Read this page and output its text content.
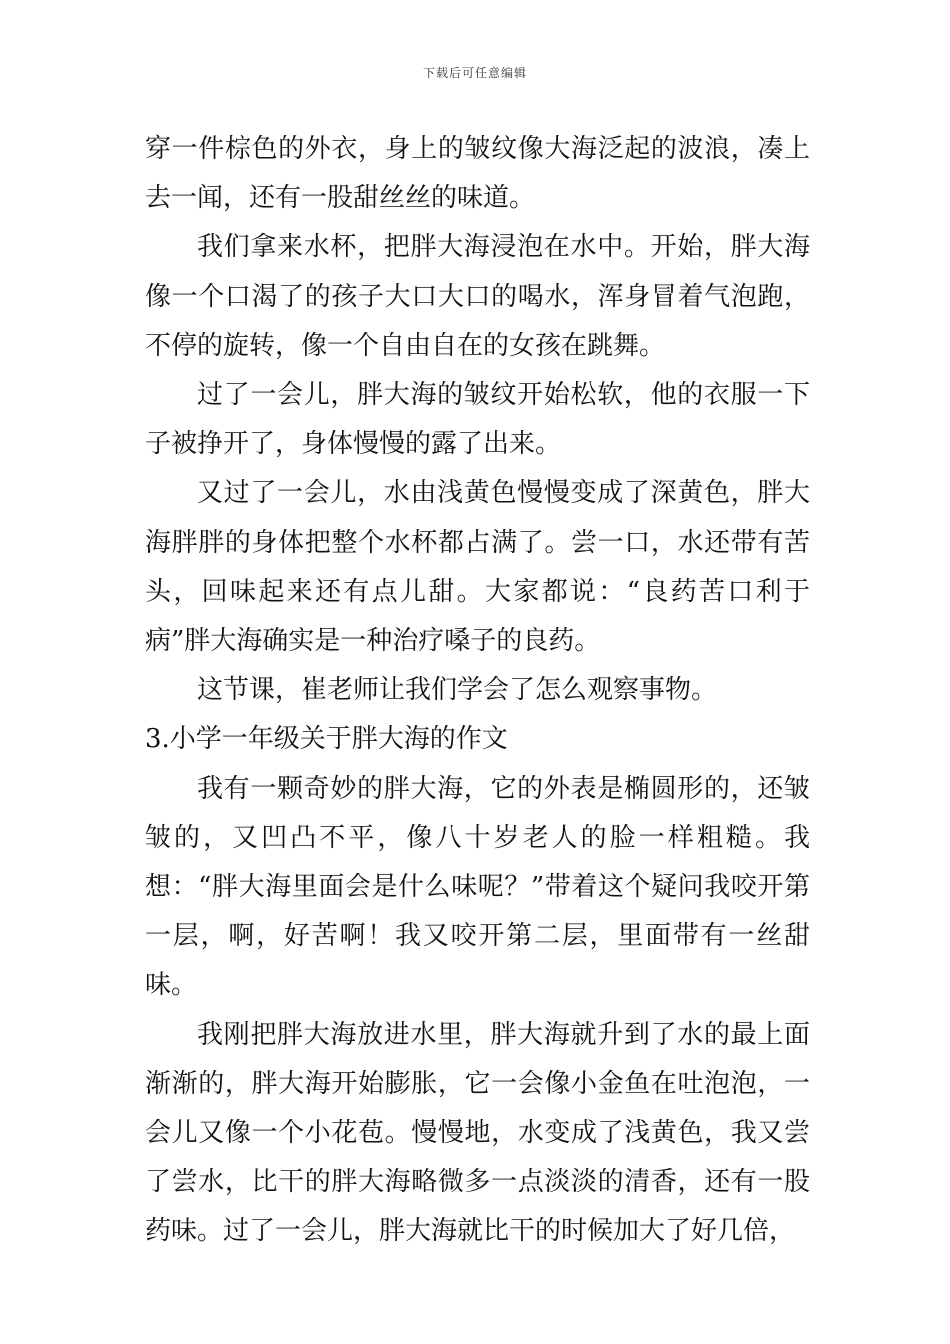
下载后可任意编辑

穿一件棕色的外衣，身上的皱纹像大海泛起的波浪，凑上去一闻，还有一股甜丝丝的味道。

我们拿来水杯，把胖大海浸泡在水中。开始，胖大海像一个口渴了的孩子大口大口的喝水，浑身冒着气泡跑，不停的旋转，像一个自由自在的女孩在跳舞。

过了一会儿，胖大海的皱纹开始松软，他的衣服一下子被挣开了，身体慢慢的露了出来。

又过了一会儿，水由浅黄色慢慢变成了深黄色，胖大海胖胖的身体把整个水杯都占满了。尝一口，水还带有苦头，回味起来还有点儿甜。大家都说：“良药苦口利于病”胖大海确实是一种治疗嗓子的良药。

这节课，崔老师让我们学会了怎么观察事物。

3.小学一年级关于胖大海的作文

我有一颗奇妙的胖大海，它的外表是椭圆形的，还皱皱的，又凹凸不平，像八十岁老人的脸一样粗糙。我想：“胖大海里面会是什么味呢？”带着这个疑问我咬开第一层，啊，好苦啊！我又咬开第二层，里面带有一丝甜味。

我刚把胖大海放进水里，胖大海就升到了水的最上面渐渐的，胖大海开始膨胀，它一会像小金鱼在吐泡泡，一会儿又像一个小花苞。慢慢地，水变成了浅黄色，我又尝了尝水，比干的胖大海略微多一点淡淡的清香，还有一股药味。过了一会儿，胖大海就比干的时候加大了好几倍，
